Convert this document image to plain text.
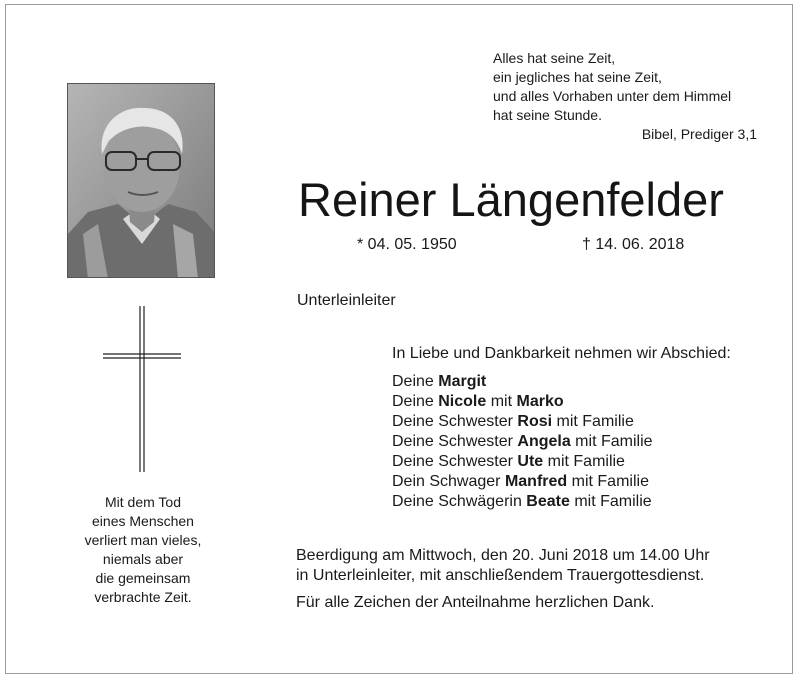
Alles hat seine Zeit,
ein jegliches hat seine Zeit,
und alles Vorhaben unter dem Himmel
hat seine Stunde.
Bibel, Prediger 3,1
Reiner Längenfelder
* 04. 05. 1950	† 14. 06. 2018
Unterleinleiter
Mit dem Tod
eines Menschen
verliert man vieles,
niemals aber
die gemeinsam
verbrachte Zeit.
In Liebe und Dankbarkeit nehmen wir Abschied:
Deine Margit
Deine Nicole mit Marko
Deine Schwester Rosi mit Familie
Deine Schwester Angela mit Familie
Deine Schwester Ute mit Familie
Dein Schwager Manfred mit Familie
Deine Schwägerin Beate mit Familie
Beerdigung am Mittwoch, den 20. Juni 2018 um 14.00 Uhr
in Unterleinleiter, mit anschließendem Trauergottesdienst.
Für alle Zeichen der Anteilnahme herzlichen Dank.
